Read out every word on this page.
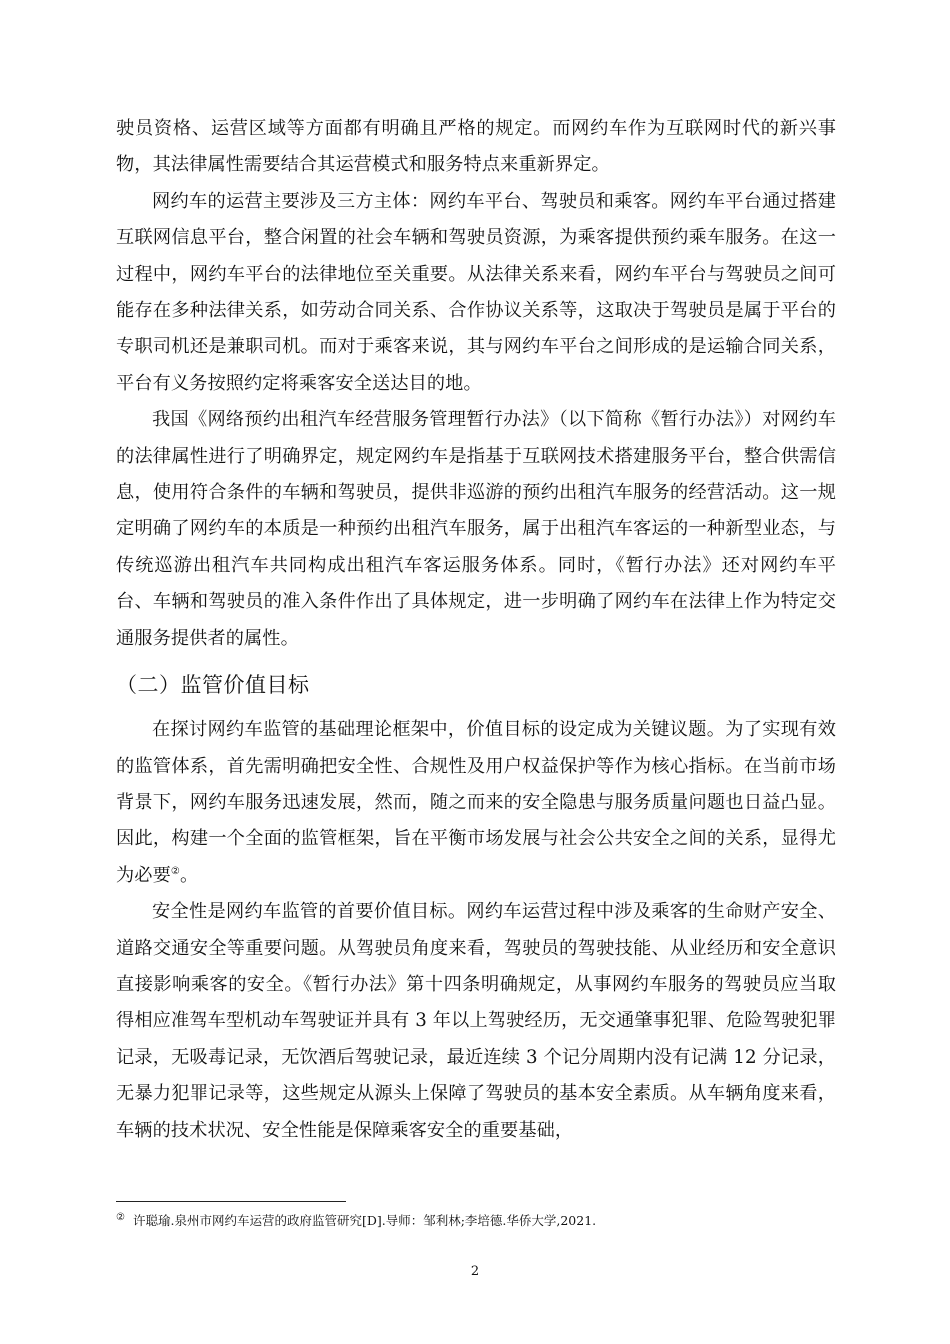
驶员资格、运营区域等方面都有明确且严格的规定。而网约车作为互联网时代的新兴事物，其法律属性需要结合其运营模式和服务特点来重新界定。

网约车的运营主要涉及三方主体：网约车平台、驾驶员和乘客。网约车平台通过搭建互联网信息平台，整合闲置的社会车辆和驾驶员资源，为乘客提供预约乘车服务。在这一过程中，网约车平台的法律地位至关重要。从法律关系来看，网约车平台与驾驶员之间可能存在多种法律关系，如劳动合同关系、合作协议关系等，这取决于驾驶员是属于平台的专职司机还是兼职司机。而对于乘客来说，其与网约车平台之间形成的是运输合同关系，平台有义务按照约定将乘客安全送达目的地。

我国《网络预约出租汽车经营服务管理暂行办法》（以下简称《暂行办法》）对网约车的法律属性进行了明确界定，规定网约车是指基于互联网技术搭建服务平台，整合供需信息，使用符合条件的车辆和驾驶员，提供非巡游的预约出租汽车服务的经营活动。这一规定明确了网约车的本质是一种预约出租汽车服务，属于出租汽车客运的一种新型业态，与传统巡游出租汽车共同构成出租汽车客运服务体系。同时，《暂行办法》还对网约车平台、车辆和驾驶员的准入条件作出了具体规定，进一步明确了网约车在法律上作为特定交通服务提供者的属性。

（二）监管价值目标

在探讨网约车监管的基础理论框架中，价值目标的设定成为关键议题。为了实现有效的监管体系，首先需明确把安全性、合规性及用户权益保护等作为核心指标。在当前市场背景下，网约车服务迅速发展，然而，随之而来的安全隐患与服务质量问题也日益凸显。因此，构建一个全面的监管框架，旨在平衡市场发展与社会公共安全之间的关系，显得尤为必要②。

安全性是网约车监管的首要价值目标。网约车运营过程中涉及乘客的生命财产安全、道路交通安全等重要问题。从驾驶员角度来看，驾驶员的驾驶技能、从业经历和安全意识直接影响乘客的安全。《暂行办法》第十四条明确规定，从事网约车服务的驾驶员应当取得相应准驾车型机动车驾驶证并具有 3 年以上驾驶经历，无交通肇事犯罪、危险驾驶犯罪记录，无吸毒记录，无饮酒后驾驶记录，最近连续 3 个记分周期内没有记满 12 分记录，无暴力犯罪记录等，这些规定从源头上保障了驾驶员的基本安全素质。从车辆角度来看，车辆的技术状况、安全性能是保障乘客安全的重要基础，

② 许聪瑜.泉州市网约车运营的政府监管研究[D].导师：邹利林;李培德.华侨大学,2021.
2
